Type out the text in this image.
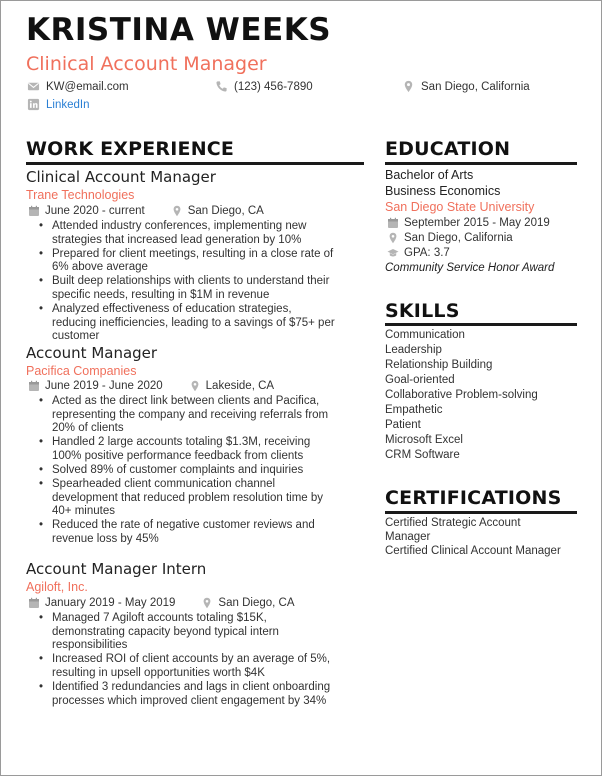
KRISTINA WEEKS
Clinical Account Manager
KW@email.com	(123) 456-7890	San Diego, California
LinkedIn
WORK EXPERIENCE
Clinical Account Manager
Trane Technologies
June 2020 - current	San Diego, CA
• Attended industry conferences, implementing new strategies that increased lead generation by 10%
• Prepared for client meetings, resulting in a close rate of 6% above average
• Built deep relationships with clients to understand their specific needs, resulting in $1M in revenue
• Analyzed effectiveness of education strategies, reducing inefficiencies, leading to a savings of $75+ per customer
Account Manager
Pacifica Companies
June 2019 - June 2020	Lakeside, CA
• Acted as the direct link between clients and Pacifica, representing the company and receiving referrals from 20% of clients
• Handled 2 large accounts totaling $1.3M, receiving 100% positive performance feedback from clients
• Solved 89% of customer complaints and inquiries
• Spearheaded client communication channel development that reduced problem resolution time by 40+ minutes
• Reduced the rate of negative customer reviews and revenue loss by 45%
Account Manager Intern
Agiloft, Inc.
January 2019 - May 2019	San Diego, CA
• Managed 7 Agiloft accounts totaling $15K, demonstrating capacity beyond typical intern responsibilities
• Increased ROI of client accounts by an average of 5%, resulting in upsell opportunities worth $4K
• Identified 3 redundancies and lags in client onboarding processes which improved client engagement by 34%
EDUCATION
Bachelor of Arts
Business Economics
San Diego State University
September 2015 - May 2019
San Diego, California
GPA: 3.7
Community Service Honor Award
SKILLS
Communication
Leadership
Relationship Building
Goal-oriented
Collaborative Problem-solving
Empathetic
Patient
Microsoft Excel
CRM Software
CERTIFICATIONS
Certified Strategic Account Manager
Certified Clinical Account Manager
